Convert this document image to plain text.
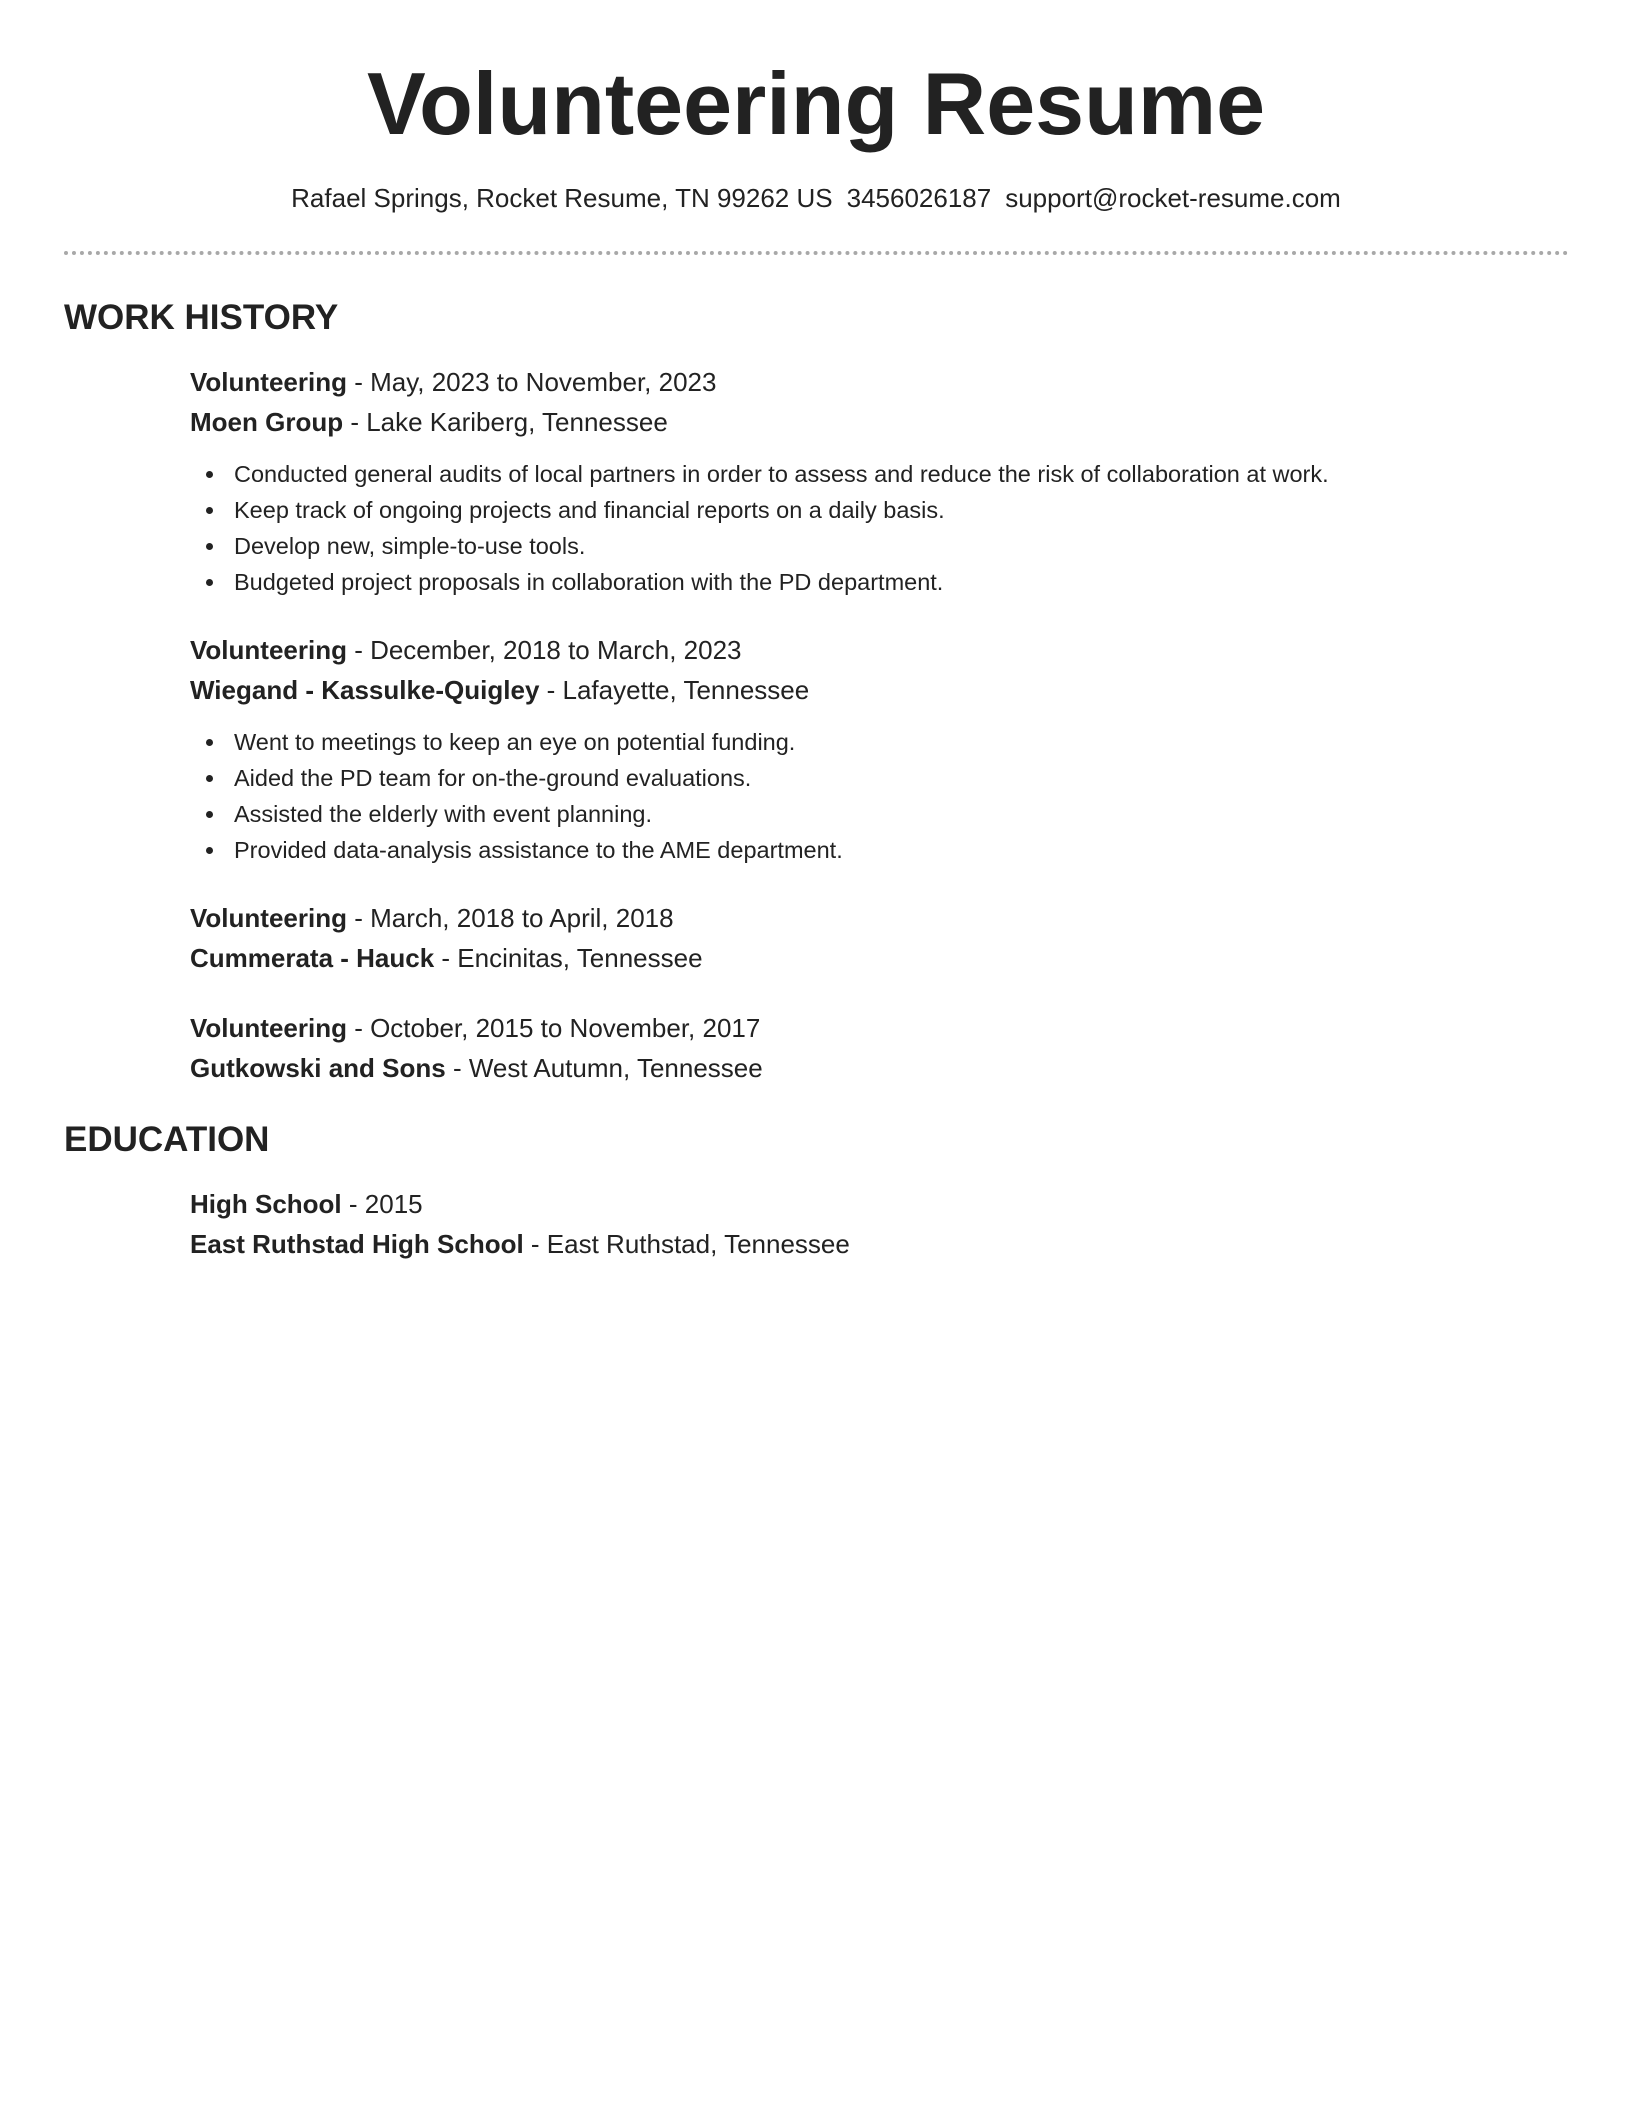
Volunteering Resume
Rafael Springs, Rocket Resume, TN 99262 US 3456026187 support@rocket-resume.com
WORK HISTORY
Volunteering - May, 2023 to November, 2023
Moen Group - Lake Kariberg, Tennessee
Conducted general audits of local partners in order to assess and reduce the risk of collaboration at work.
Keep track of ongoing projects and financial reports on a daily basis.
Develop new, simple-to-use tools.
Budgeted project proposals in collaboration with the PD department.
Volunteering - December, 2018 to March, 2023
Wiegand - Kassulke-Quigley - Lafayette, Tennessee
Went to meetings to keep an eye on potential funding.
Aided the PD team for on-the-ground evaluations.
Assisted the elderly with event planning.
Provided data-analysis assistance to the AME department.
Volunteering - March, 2018 to April, 2018
Cummerata - Hauck - Encinitas, Tennessee
Volunteering - October, 2015 to November, 2017
Gutkowski and Sons - West Autumn, Tennessee
EDUCATION
High School - 2015
East Ruthstad High School - East Ruthstad, Tennessee
